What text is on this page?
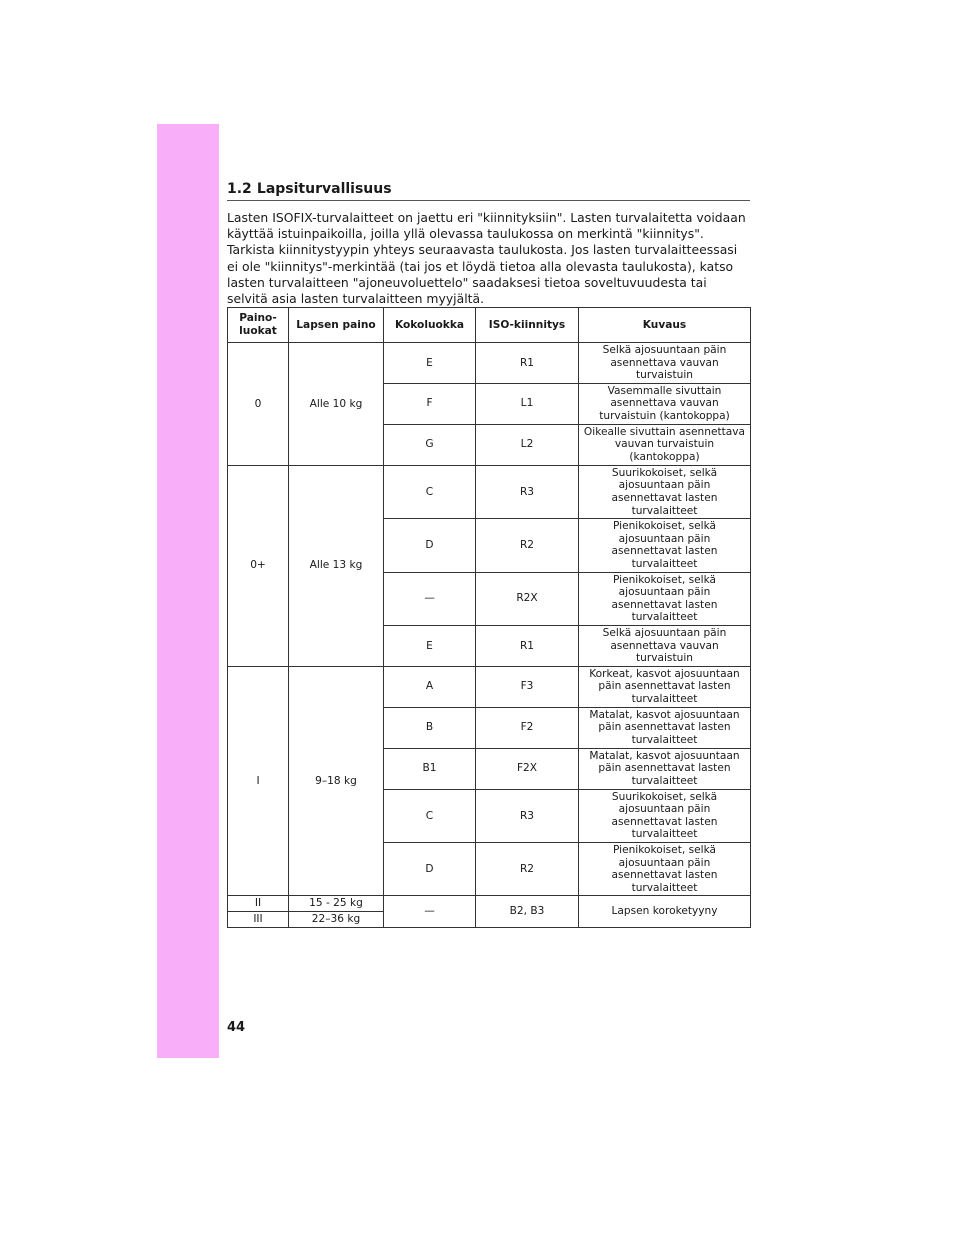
1.2 Lapsiturvallisuus

Lasten ISOFIX-turvalaitteet on jaettu eri "kiinnityksiin". Lasten turvalaitetta voidaan käyttää istuinpaikoilla, joilla yllä olevassa taulukossa on merkintä "kiinnitys". Tarkista kiinnitystyypin yhteys seuraavasta taulukosta. Jos lasten turvalaitteessasi ei ole "kiinnitys"-merkintää (tai jos et löydä tietoa alla olevasta taulukosta), katso lasten turvalaitteen "ajoneuvoluettelo" saadaksesi tietoa soveltuvuudesta tai selvitä asia lasten turvalaitteen myyjältä.

Paino-luokat	Lapsen paino	Kokoluokka	ISO-kiinnitys	Kuvaus
0	Alle 10 kg	E	R1	Selkä ajosuuntaan päin asennettava vauvan turvaistuin
		F	L1	Vasemmalle sivuttain asennettava vauvan turvaistuin (kantokoppa)
		G	L2	Oikealle sivuttain asennettava vauvan turvaistuin (kantokoppa)
0+	Alle 13 kg	C	R3	Suurikokoiset, selkä ajosuuntaan päin asennettavat lasten turvalaitteet
		D	R2	Pienikokoiset, selkä ajosuuntaan päin asennettavat lasten turvalaitteet
		—	R2X	Pienikokoiset, selkä ajosuuntaan päin asennettavat lasten turvalaitteet
		E	R1	Selkä ajosuuntaan päin asennettava vauvan turvaistuin
I	9–18 kg	A	F3	Korkeat, kasvot ajosuuntaan päin asennettavat lasten turvalaitteet
		B	F2	Matalat, kasvot ajosuuntaan päin asennettavat lasten turvalaitteet
		B1	F2X	Matalat, kasvot ajosuuntaan päin asennettavat lasten turvalaitteet
		C	R3	Suurikokoiset, selkä ajosuuntaan päin asennettavat lasten turvalaitteet
		D	R2	Pienikokoiset, selkä ajosuuntaan päin asennettavat lasten turvalaitteet
II	15 - 25 kg	—	B2, B3	Lapsen koroketyyny
III	22–36 kg			
44
